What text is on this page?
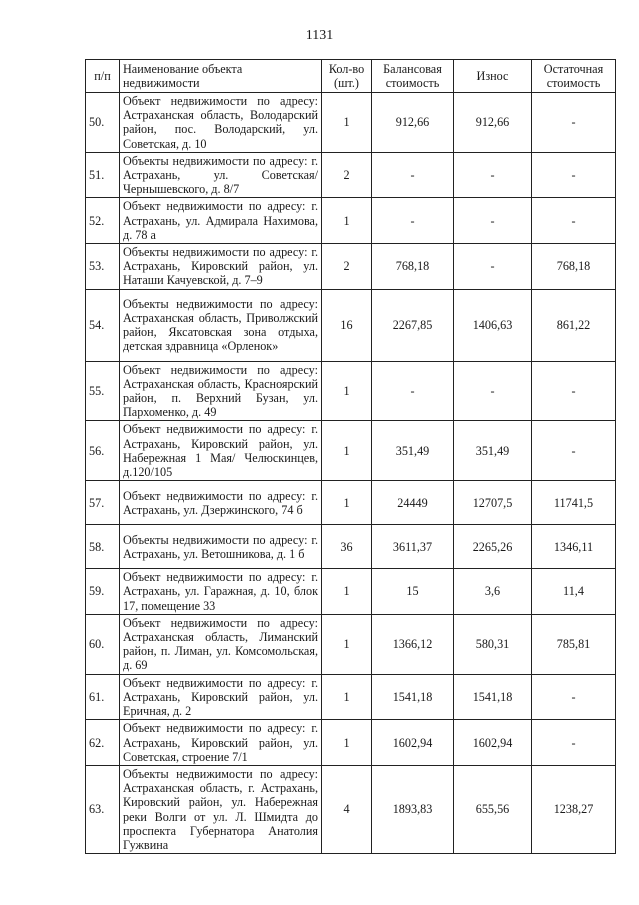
1131
п/п	Наименование объекта недвижимости	Кол-во (шт.)	Балансовая стоимость	Износ	Остаточная стоимость
50.	Объект недвижимости по адресу: Астраханская область, Володарский район, пос. Володарский, ул. Советская, д. 10	1	912,66	912,66	-
51.	Объекты недвижимости по адресу: г. Астрахань, ул. Советская/ Чернышевского, д. 8/7	2	-	-	-
52.	Объект недвижимости по адресу: г. Астрахань, ул. Адмирала Нахимова, д. 78 а	1	-	-	-
53.	Объекты недвижимости по адресу: г. Астрахань, Кировский район, ул. Наташи Качуевской, д. 7–9	2	768,18	-	768,18
54.	Объекты недвижимости по адресу: Астраханская область, Приволжский район, Яксатовская зона отдыха, детская здравница «Орленок»	16	2267,85	1406,63	861,22
55.	Объект недвижимости по адресу: Астраханская область, Красноярский район, п. Верхний Бузан, ул. Пархоменко, д. 49	1	-	-	-
56.	Объект недвижимости по адресу: г. Астрахань, Кировский район, ул. Набережная 1 Мая/ Челюскинцев, д.120/105	1	351,49	351,49	-
57.	Объект недвижимости по адресу: г. Астрахань, ул. Дзержинского, 74 б	1	24449	12707,5	11741,5
58.	Объекты недвижимости по адресу: г. Астрахань, ул. Ветошникова, д. 1 б	36	3611,37	2265,26	1346,11
59.	Объект недвижимости по адресу: г. Астрахань, ул. Гаражная, д. 10, блок 17, помещение 33	1	15	3,6	11,4
60.	Объект недвижимости по адресу: Астраханская область, Лиманский район, п. Лиман, ул. Комсомольская, д. 69	1	1366,12	580,31	785,81
61.	Объект недвижимости по адресу: г. Астрахань, Кировский район, ул. Еричная, д. 2	1	1541,18	1541,18	-
62.	Объект недвижимости по адресу: г. Астрахань, Кировский район, ул. Советская, строение 7/1	1	1602,94	1602,94	-
63.	Объекты недвижимости по адресу: Астраханская область, г. Астрахань, Кировский район, ул. Набережная реки Волги от ул. Л. Шмидта до проспекта Губернатора Анатолия Гужвина	4	1893,83	655,56	1238,27
